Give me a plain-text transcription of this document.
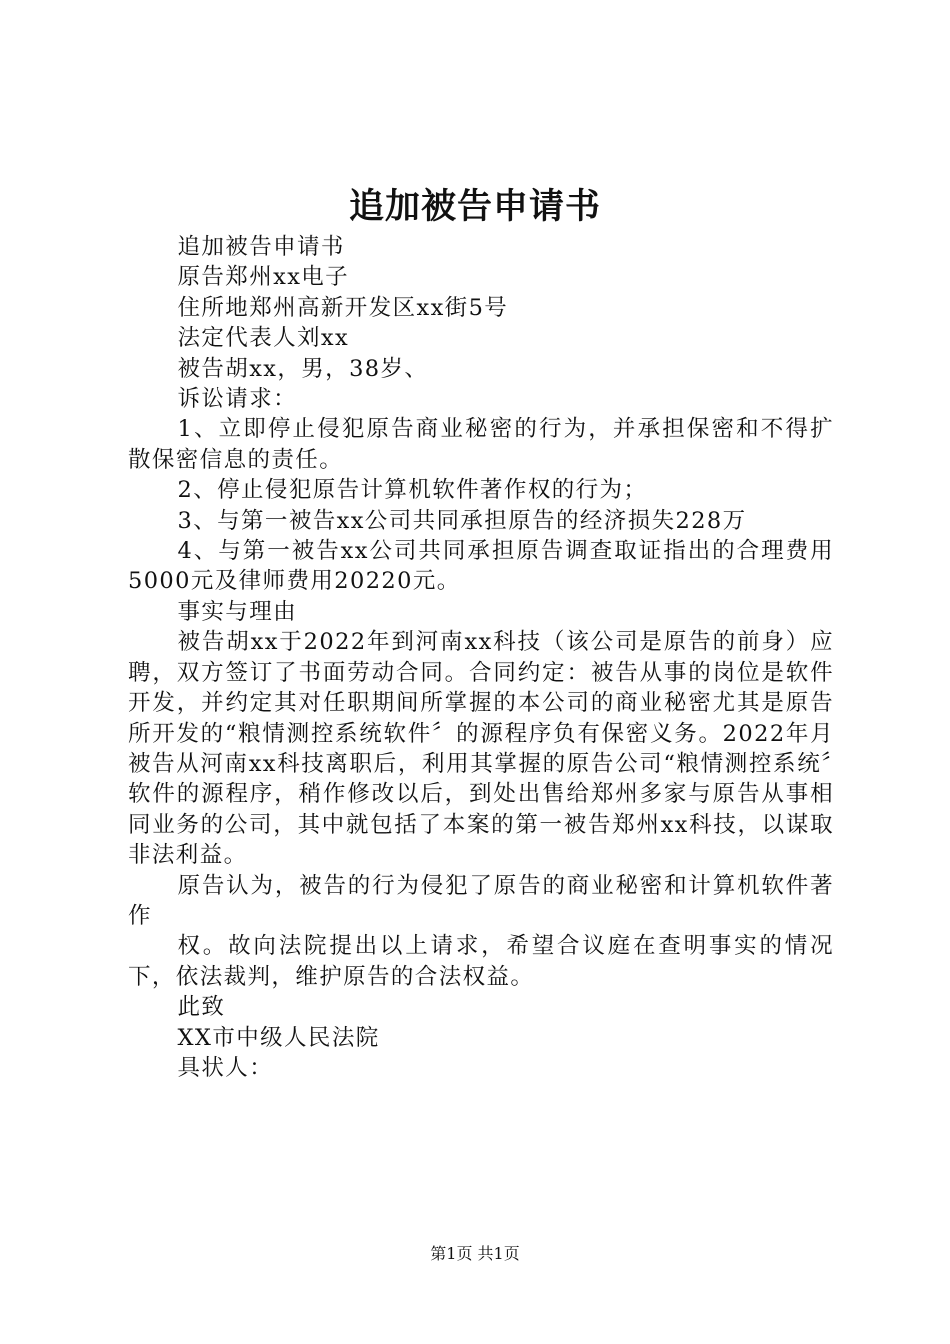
追加被告申请书

追加被告申请书

原告郑州xx电子

住所地郑州高新开发区xx街5号

法定代表人刘xx

被告胡xx，男，38岁、

诉讼请求：

1、立即停止侵犯原告商业秘密的行为，并承担保密和不得扩散保密信息的责任。

2、停止侵犯原告计算机软件著作权的行为；

3、与第一被告xx公司共同承担原告的经济损失228万

4、与第一被告xx公司共同承担原告调查取证指出的合理费用5000元及律师费用20220元。

事实与理由

被告胡xx于2022年到河南xx科技（该公司是原告的前身）应聘，双方签订了书面劳动合同。合同约定：被告从事的岗位是软件开发，并约定其对任职期间所掌握的本公司的商业秘密尤其是原告所开发的“粮情测控系统软件〞的源程序负有保密义务。2022年月被告从河南xx科技离职后，利用其掌握的原告公司“粮情测控系统〞软件的源程序，稍作修改以后，到处出售给郑州多家与原告从事相同业务的公司，其中就包括了本案的第一被告郑州xx科技，以谋取非法利益。

原告认为，被告的行为侵犯了原告的商业秘密和计算机软件著作

权。故向法院提出以上请求，希望合议庭在查明事实的情况下，依法裁判，维护原告的合法权益。

此致

XX市中级人民法院

具状人：

第1页 共1页
